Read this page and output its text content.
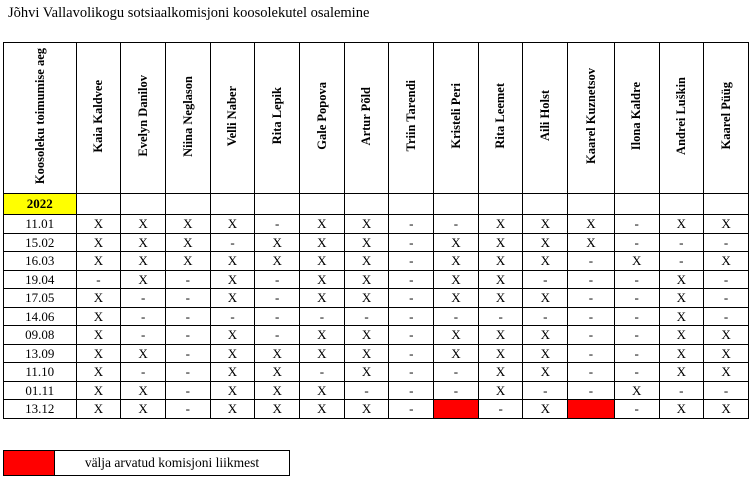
Jõhvi Vallavolikogu sotsiaalkomisjoni koosolekutel osalemine
Koosoleku toimumise aeg	Kaia Kaldvee	Evelyn Danilov	Niina Neglason	Velli Naber	Rita Lepik	Gale Popova	Artur Põld	Triin Tarendi	Kristeli Peri	Rita Leemet	Aili Holst	Kaarel Kuznetsov	Ilona Kaldre	Andrei Luškin	Kaarel Püüg
2022															
11.01	X	X	X	X	-	X	X	-	-	X	X	X	-	X	X
15.02	X	X	X	-	X	X	X	-	X	X	X	X	-	-	-
16.03	X	X	X	X	X	X	X	-	X	X	X	-	X	-	X
19.04	-	X	-	X	-	X	X	-	X	X	-	-	-	X	-
17.05	X	-	-	X	-	X	X	-	X	X	X	-	-	X	-
14.06	X	-	-	-	-	-	-	-	-	-	-	-	-	X	-
09.08	X	-	-	X	-	X	X	-	X	X	X	-	-	X	X
13.09	X	X	-	X	X	X	X	-	X	X	X	-	-	X	X
11.10	X	-	-	X	X	-	X	-	-	X	X	-	-	X	X
01.11	X	X	-	X	X	X	-	-	-	X	-	-	X	-	-
13.12	X	X	-	X	X	X	X	-		-	X		-	X	X
	välja arvatud komisjoni liikmest
